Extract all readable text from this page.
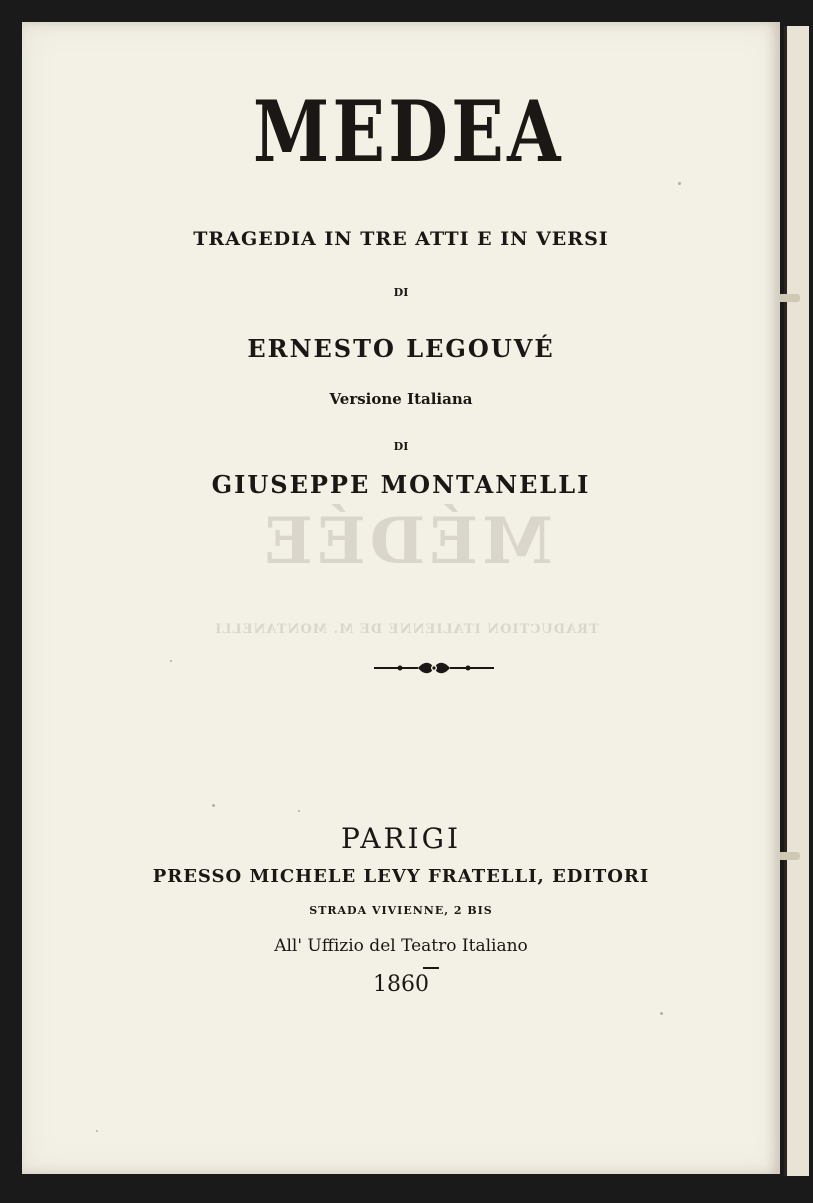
MEDEA
TRAGEDIA IN TRE ATTI E IN VERSI
DI
ERNESTO LEGOUVÉ
Versione Italiana
DI
GIUSEPPE MONTANELLI
PARIGI
PRESSO MICHELE LEVY FRATELLI, EDITORI
STRADA VIVIENNE, 2 BIS
All' Uffizio del Teatro Italiano
1860
